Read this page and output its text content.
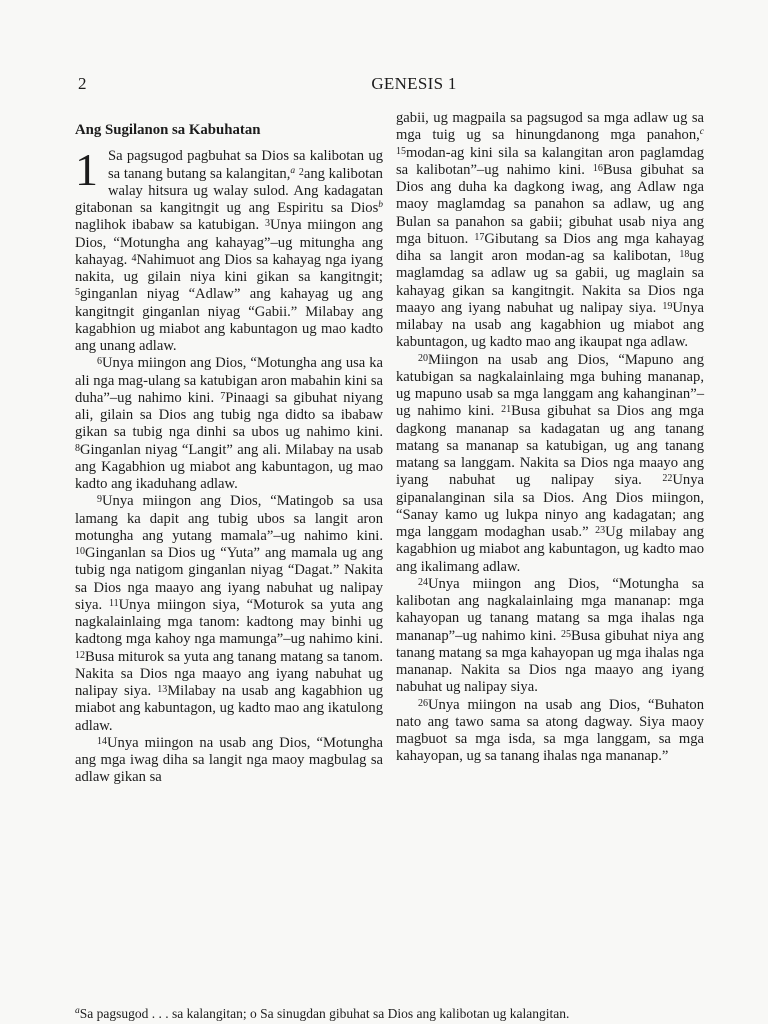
2	GENESIS 1

Ang Sugilanon sa Kabuhatan

1 Sa pagsugod pagbuhat sa Dios sa kalibotan ug sa tanang butang sa kalangitan,$^a$ $^2$ang kalibotan walay hitsura ug walay sulod. Ang kadagatan gitabonan sa kangitngit ug ang Espiritu sa Dios$^b$ naglihok ibabaw sa katubigan. $^3$Unya miingon ang Dios, “Motungha ang kahayag”–ug mitungha ang kahayag. $^4$Nahimuot ang Dios sa kahayag nga iyang nakita, ug gilain niya kini gikan sa kangitngit; $^5$ginganlan niyag “Adlaw” ang kahayag ug ang kangitngit ginganlan niyag “Gabii.” Milabay ang kagabhion ug miabot ang kabuntagon ug mao kadto ang unang adlaw.

$^6$Unya miingon ang Dios, “Motungha ang usa ka ali nga mag-ulang sa katubigan aron mabahin kini sa duha”–ug nahimo kini. $^7$Pinaagi sa gibuhat niyang ali, gilain sa Dios ang tubig nga didto sa ibabaw gikan sa tubig nga dinhi sa ubos ug nahimo kini. $^8$Ginganlan niyag “Langit” ang ali. Milabay na usab ang Kagabhion ug miabot ang kabuntagon, ug mao kadto ang ikaduhang adlaw.

$^9$Unya miingon ang Dios, “Matingob sa usa lamang ka dapit ang tubig ubos sa langit aron motungha ang yutang mamala”–ug nahimo kini. $^{10}$Ginganlan sa Dios ug “Yuta” ang mamala ug ang tubig nga natigom ginganlan niyag “Dagat.” Nakita sa Dios nga maayo ang iyang nabuhat ug nalipay siya. $^{11}$Unya miingon siya, “Moturok sa yuta ang nagkalainlaing mga tanom: kadtong may binhi ug kadtong mga kahoy nga mamunga”–ug nahimo kini. $^{12}$Busa miturok sa yuta ang tanang matang sa tanom. Nakita sa Dios nga maayo ang iyang nabuhat ug nalipay siya. $^{13}$Milabay na usab ang kagabhion ug miabot ang kabuntagon, ug kadto mao ang ikatulong adlaw.

$^{14}$Unya miingon na usab ang Dios, “Motungha ang mga iwag diha sa langit nga maoy magbulag sa adlaw gikan sa

gabii, ug magpaila sa pagsugod sa mga adlaw ug sa mga tuig ug sa hinungdanong mga panahon,$^c$ $^{15}$modan-ag kini sila sa kalangitan aron paglamdag sa kalibotan”–ug nahimo kini. $^{16}$Busa gibuhat sa Dios ang duha ka dagkong iwag, ang Adlaw nga maoy maglamdag sa panahon sa adlaw, ug ang Bulan sa panahon sa gabii; gibuhat usab niya ang mga bituon. $^{17}$Gibutang sa Dios ang mga kahayag diha sa langit aron modan-ag sa kalibotan, $^{18}$ug maglamdag sa adlaw ug sa gabii, ug maglain sa kahayag gikan sa kangitngit. Nakita sa Dios nga maayo ang iyang nabuhat ug nalipay siya. $^{19}$Unya milabay na usab ang kagabhion ug miabot ang kabuntagon, ug kadto mao ang ikaupat nga adlaw.

$^{20}$Miingon na usab ang Dios, “Mapuno ang katubigan sa nagkalainlaing mga buhing mananap, ug mapuno usab sa mga langgam ang kahanginan”–ug nahimo kini. $^{21}$Busa gibuhat sa Dios ang mga dagkong mananap sa kadagatan ug ang tanang matang sa mananap sa katubigan, ug ang tanang matang sa langgam. Nakita sa Dios nga maayo ang iyang nabuhat ug nalipay siya. $^{22}$Unya gipanalanginan sila sa Dios. Ang Dios miingon, “Sanay kamo ug lukpa ninyo ang kadagatan; ang mga langgam modaghan usab.” $^{23}$Ug milabay ang kagabhion ug miabot ang kabuntagon, ug kadto mao ang ikalimang adlaw.

$^{24}$Unya miingon ang Dios, “Motungha sa kalibotan ang nagkalainlaing mga mananap: mga kahayopan ug tanang matang sa mga ihalas nga mananap”–ug nahimo kini. $^{25}$Busa gibuhat niya ang tanang matang sa mga kahayopan ug mga ihalas nga mananap. Nakita sa Dios nga maayo ang iyang nabuhat ug nalipay siya.

$^{26}$Unya miingon na usab ang Dios, “Buhaton nato ang tawo sama sa atong dagway. Siya maoy magbuot sa mga isda, sa mga langgam, sa mga kahayopan, ug sa tanang ihalas nga mananap.”

$^a$Sa pagsugod . . . sa kalangitan; o Sa sinugdan gibuhat sa Dios ang kalibotan ug kalangitan.
